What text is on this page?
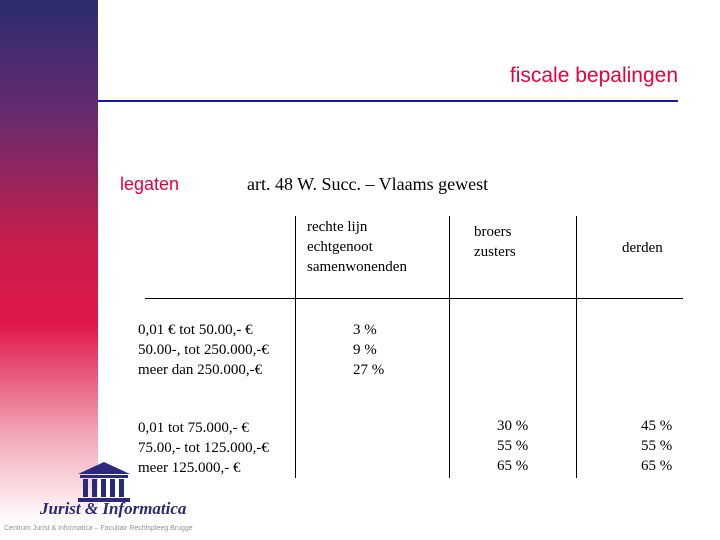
fiscale bepalingen
legaten	art. 48 W. Succ. – Vlaams gewest
rechte lijn
echtgenoot
samenwonenden
broers
zusters	derden
0,01 € tot 50.00,- €
50.00-, tot 250.000,-€
meer dan 250.000,-€
3 %
9 %
27 %
0,01 tot 75.000,- €
75.00,- tot 125.000,-€
meer 125.000,- €
30 %
55 %
65 %
45 %
55 %
65 %
Jurist & Informatica
Centrum Jurist & Informatica – Facultair Rechtspleeg Brugge
